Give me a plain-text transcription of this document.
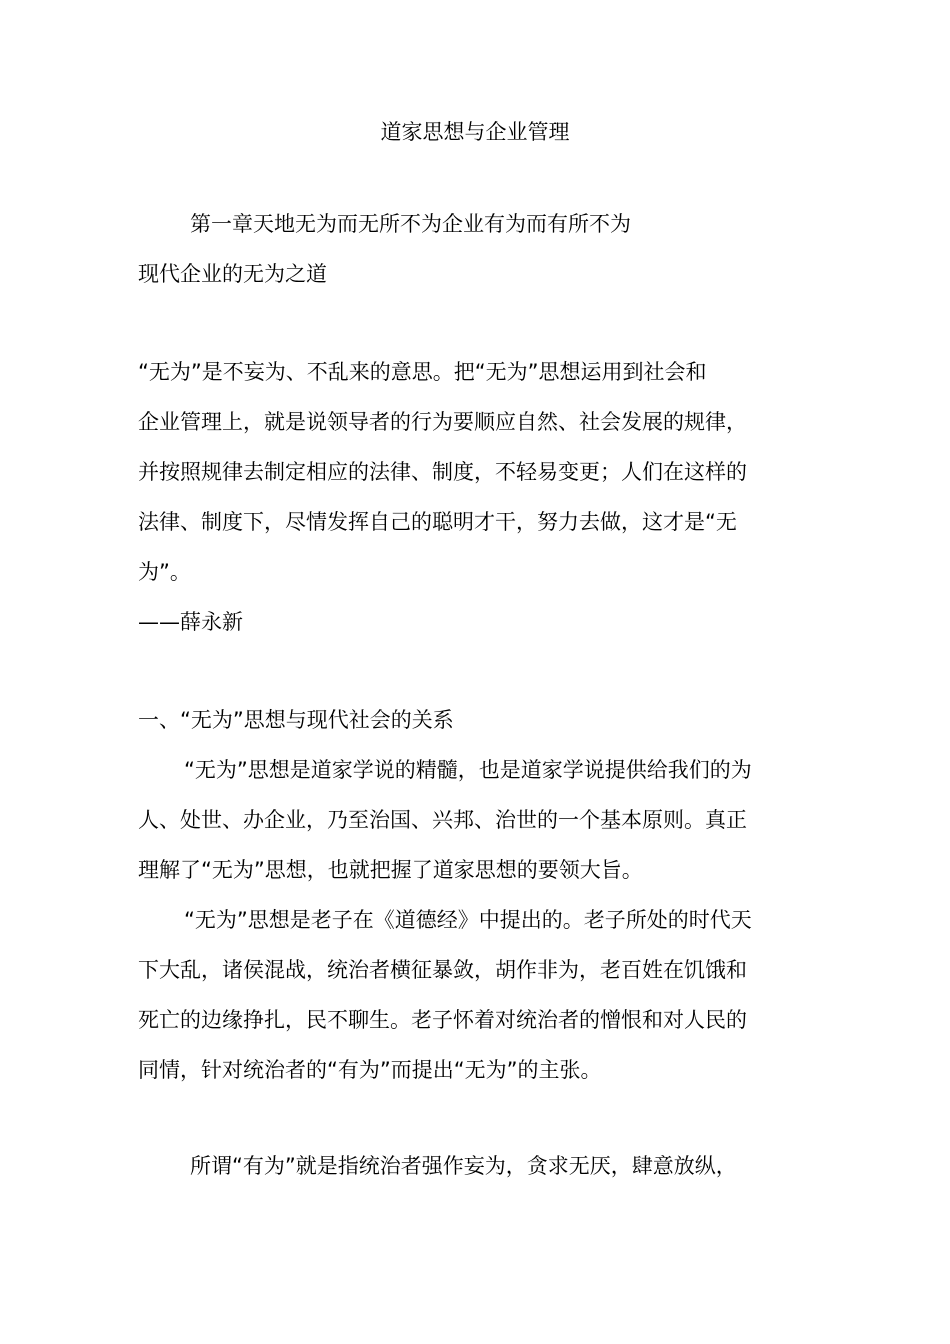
道家思想与企业管理
第一章天地无为而无所不为企业有为而有所不为
现代企业的无为之道
“无为”是不妄为、不乱来的意思。把“无为”思想运用到社会和
企业管理上，就是说领导者的行为要顺应自然、社会发展的规律，
并按照规律去制定相应的法律、制度，不轻易变更；人们在这样的
法律、制度下，尽情发挥自己的聪明才干，努力去做，这才是“无
为”。
——薛永新
一、“无为”思想与现代社会的关系
“无为”思想是道家学说的精髓，也是道家学说提供给我们的为
人、处世、办企业，乃至治国、兴邦、治世的一个基本原则。真正
理解了“无为”思想，也就把握了道家思想的要领大旨。
“无为”思想是老子在《道德经》中提出的。老子所处的时代天
下大乱，诸侯混战，统治者横征暴敛，胡作非为，老百姓在饥饿和
死亡的边缘挣扎，民不聊生。老子怀着对统治者的憎恨和对人民的
同情，针对统治者的“有为”而提出“无为”的主张。
所谓“有为”就是指统治者强作妄为，贪求无厌，肆意放纵，
